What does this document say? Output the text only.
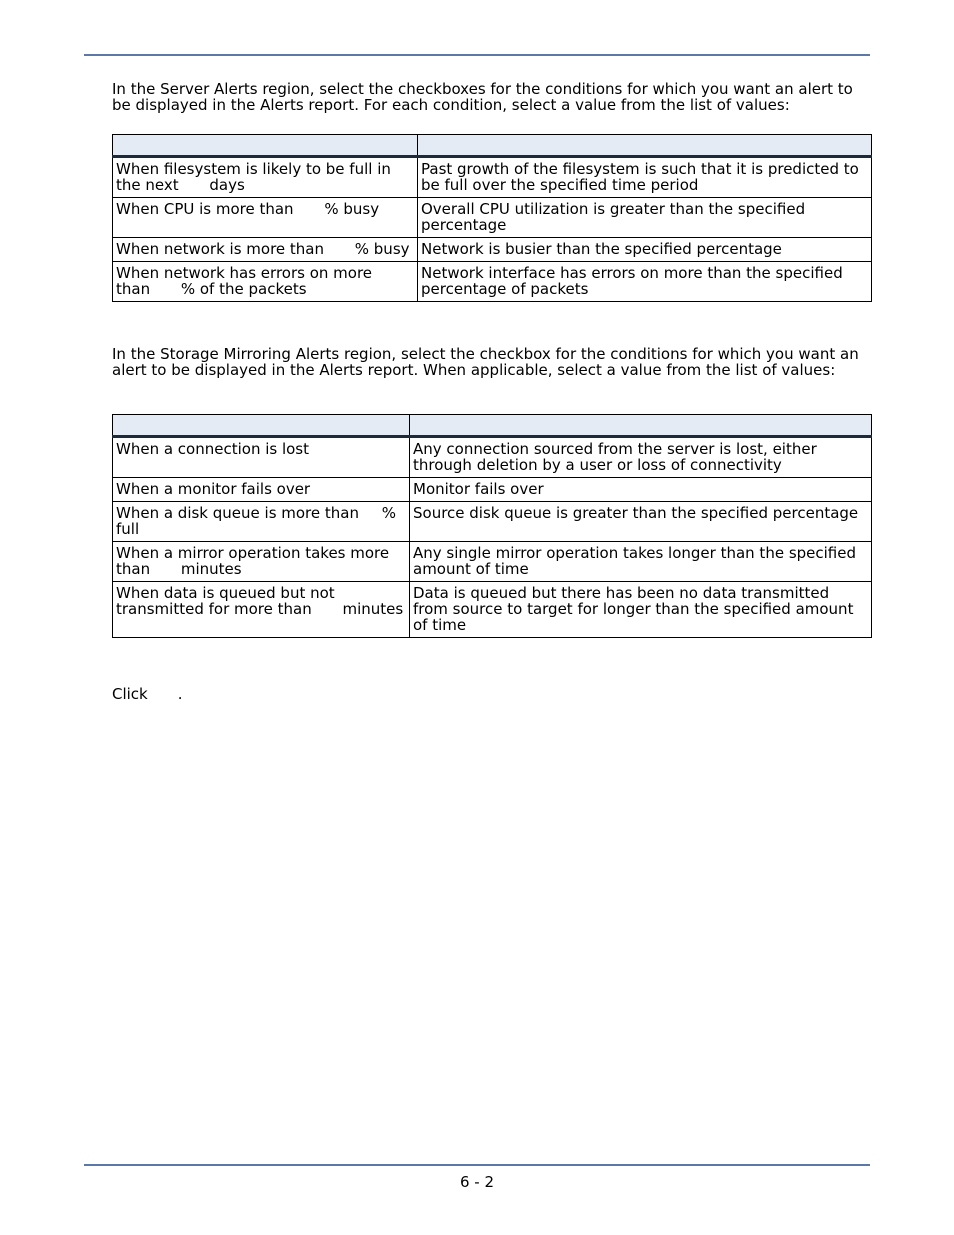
In the Server Alerts region, select the checkboxes for the conditions for which you want an alert to be displayed in the Alerts report. For each condition, select a value from the list of values:

When filesystem is likely to be full in
the next days	Past growth of the filesystem is such that it is predicted to be full over the specified time period
When CPU is more than % busy	Overall CPU utilization is greater than the specified percentage
When network is more than % busy	Network is busier than the specified percentage
When network has errors on more
than % of the packets	Network interface has errors on more than the specified percentage of packets

In the Storage Mirroring Alerts region, select the checkbox for the conditions for which you want an alert to be displayed in the Alerts report. When applicable, select a value from the list of values:

When a connection is lost	Any connection sourced from the server is lost, either through deletion by a user or loss of connectivity
When a monitor fails over	Monitor fails over
When a disk queue is more than %
full	Source disk queue is greater than the specified percentage
When a mirror operation takes more
than minutes	Any single mirror operation takes longer than the specified amount of time
When data is queued but not
transmitted for more than minutes	Data is queued but there has been no data transmitted from source to target for longer than the specified amount of time

Click .

6 - 2
